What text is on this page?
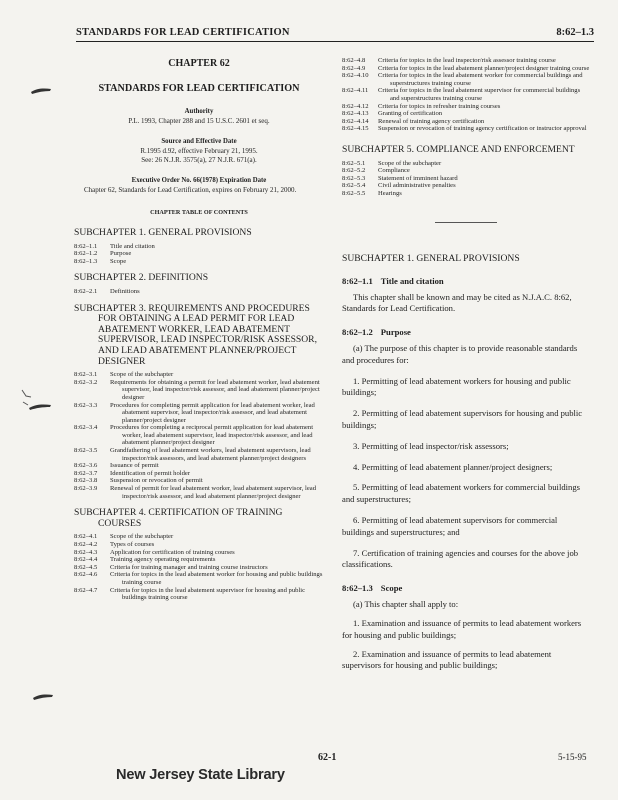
STANDARDS FOR LEAD CERTIFICATION	8:62–1.3
CHAPTER 62
STANDARDS FOR LEAD CERTIFICATION
Authority
P.L. 1993, Chapter 288 and 15 U.S.C. 2601 et seq.
Source and Effective Date
R.1995 d.92, effective February 21, 1995.
See: 26 N.J.R. 3575(a), 27 N.J.R. 671(a).
Executive Order No. 66(1978) Expiration Date
Chapter 62, Standards for Lead Certification, expires on February 21, 2000.
CHAPTER TABLE OF CONTENTS
SUBCHAPTER 1. GENERAL PROVISIONS
8:62–1.1	Title and citation
8:62–1.2	Purpose
8:62–1.3	Scope
SUBCHAPTER 2. DEFINITIONS
8:62–2.1	Definitions
SUBCHAPTER 3. REQUIREMENTS AND PROCEDURES FOR OBTAINING A LEAD PERMIT FOR LEAD ABATEMENT WORKER, LEAD ABATEMENT SUPERVISOR, LEAD INSPECTOR/RISK ASSESSOR, AND LEAD ABATEMENT PLANNER/PROJECT DESIGNER
8:62–3.1	Scope of the subchapter
8:62–3.2	Requirements for obtaining a permit for lead abatement worker, lead abatement supervisor, lead inspector/risk assessor, and lead abatement planner/project designer
8:62–3.3	Procedures for completing permit application for lead abatement worker, lead abatement supervisor, lead inspector/risk assessor, and lead abatement planner/project designer
8:62–3.4	Procedures for completing a reciprocal permit application for lead abatement worker, lead abatement supervisor, lead inspector/risk assessor, and lead abatement planner/project designer
8:62–3.5	Grandfathering of lead abatement workers, lead abatement supervisors, lead inspector/risk assessors, and lead abatement planner/project designers
8:62–3.6	Issuance of permit
8:62–3.7	Identification of permit holder
8:62–3.8	Suspension or revocation of permit
8:62–3.9	Renewal of permit for lead abatement worker, lead abatement supervisor, lead inspector/risk assessor, and lead abatement planner/project designer
SUBCHAPTER 4. CERTIFICATION OF TRAINING COURSES
8:62–4.1	Scope of the subchapter
8:62–4.2	Types of courses
8:62–4.3	Application for certification of training courses
8:62–4.4	Training agency operating requirements
8:62–4.5	Criteria for training manager and training course instructors
8:62–4.6	Criteria for topics in the lead abatement worker for housing and public buildings training course
8:62–4.7	Criteria for topics in the lead abatement supervisor for housing and public buildings training course
8:62–4.8	Criteria for topics in the lead inspector/risk assessor training course
8:62–4.9	Criteria for topics in the lead abatement planner/project designer training course
8:62–4.10	Criteria for topics in the lead abatement worker for commercial buildings and superstructures training course
8:62–4.11	Criteria for topics in the lead abatement supervisor for commercial buildings and superstructures training course
8:62–4.12	Criteria for topics in refresher training courses
8:62–4.13	Granting of certification
8:62–4.14	Renewal of training agency certification
8:62–4.15	Suspension or revocation of training agency certification or instructor approval
SUBCHAPTER 5. COMPLIANCE AND ENFORCEMENT
8:62–5.1	Scope of the subchapter
8:62–5.2	Compliance
8:62–5.3	Statement of imminent hazard
8:62–5.4	Civil administrative penalties
8:62–5.5	Hearings
SUBCHAPTER 1. GENERAL PROVISIONS
8:62–1.1 Title and citation

This chapter shall be known and may be cited as N.J.A.C. 8:62, Standards for Lead Certification.

8:62–1.2 Purpose

(a) The purpose of this chapter is to provide reasonable standards and procedures for:

1. Permitting of lead abatement workers for housing and public buildings;

2. Permitting of lead abatement supervisors for housing and public buildings;

3. Permitting of lead inspector/risk assessors;

4. Permitting of lead abatement planner/project designers;

5. Permitting of lead abatement workers for commercial buildings and superstructures;

6. Permitting of lead abatement supervisors for commercial buildings and superstructures; and

7. Certification of training agencies and courses for the above job classifications.

8:62–1.3 Scope

(a) This chapter shall apply to:

1. Examination and issuance of permits to lead abatement workers for housing and public buildings;

2. Examination and issuance of permits to lead abatement supervisors for housing and public buildings;

62-1	5-15-95
New Jersey State Library
